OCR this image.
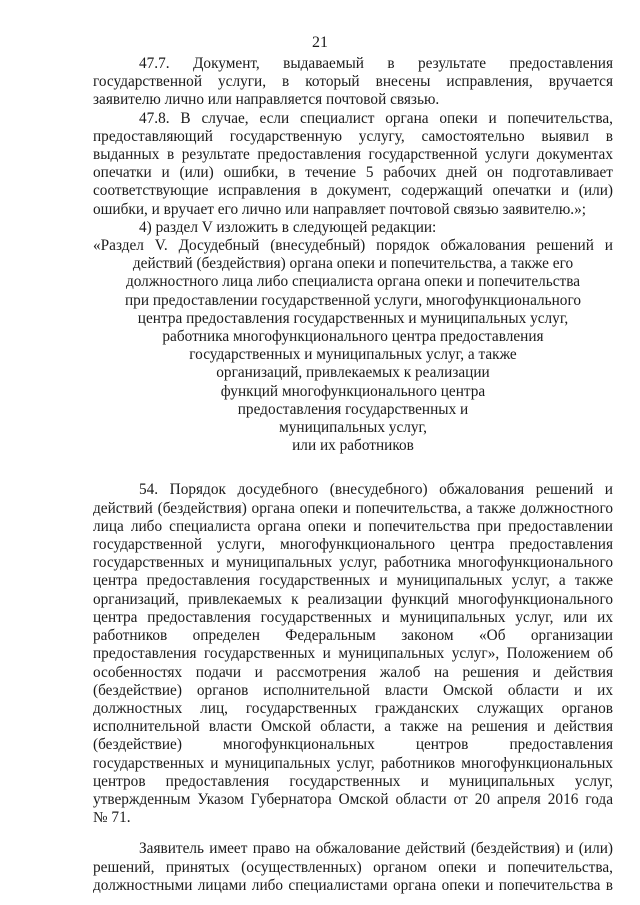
21
47.7. Документ, выдаваемый в результате предоставления
государственной услуги, в который внесены исправления, вручается
заявителю лично или направляется почтовой связью.
47.8. В случае, если специалист органа опеки и попечительства,
предоставляющий государственную услугу, самостоятельно выявил в
выданных в результате предоставления государственной услуги документах
опечатки и (или) ошибки, в течение 5 рабочих дней он подготавливает
соответствующие исправления в документ, содержащий опечатки и (или)
ошибки, и вручает его лично или направляет почтовой связью заявителю.»;
4) раздел V изложить в следующей редакции:
«Раздел V. Досудебный (внесудебный) порядок обжалования решений и
действий (бездействия) органа опеки и попечительства, а также его
должностного лица либо специалиста органа опеки и попечительства
при предоставлении государственной услуги, многофункционального
центра предоставления государственных и муниципальных услуг,
работника многофункционального центра предоставления
государственных и муниципальных услуг, а также
организаций, привлекаемых к реализации
функций многофункционального центра
предоставления государственных и
муниципальных услуг,
или их работников
54. Порядок досудебного (внесудебного) обжалования решений и
действий (бездействия) органа опеки и попечительства, а также должностного
лица либо специалиста органа опеки и попечительства при предоставлении
государственной услуги, многофункционального центра предоставления
государственных и муниципальных услуг, работника многофункционального
центра предоставления государственных и муниципальных услуг, а также
организаций, привлекаемых к реализации функций многофункционального
центра предоставления государственных и муниципальных услуг, или их
работников определен Федеральным законом «Об организации
предоставления государственных и муниципальных услуг», Положением об
особенностях подачи и рассмотрения жалоб на решения и действия
(бездействие) органов исполнительной власти Омской области и их
должностных лиц, государственных гражданских служащих органов
исполнительной власти Омской области, а также на решения и действия
(бездействие) многофункциональных центров предоставления
государственных и муниципальных услуг, работников многофункциональных
центров предоставления государственных и муниципальных услуг,
утвержденным Указом Губернатора Омской области от 20 апреля 2016 года
№ 71.
Заявитель имеет право на обжалование действий (бездействия) и (или)
решений, принятых (осуществленных) органом опеки и попечительства,
должностными лицами либо специалистами органа опеки и попечительства в
